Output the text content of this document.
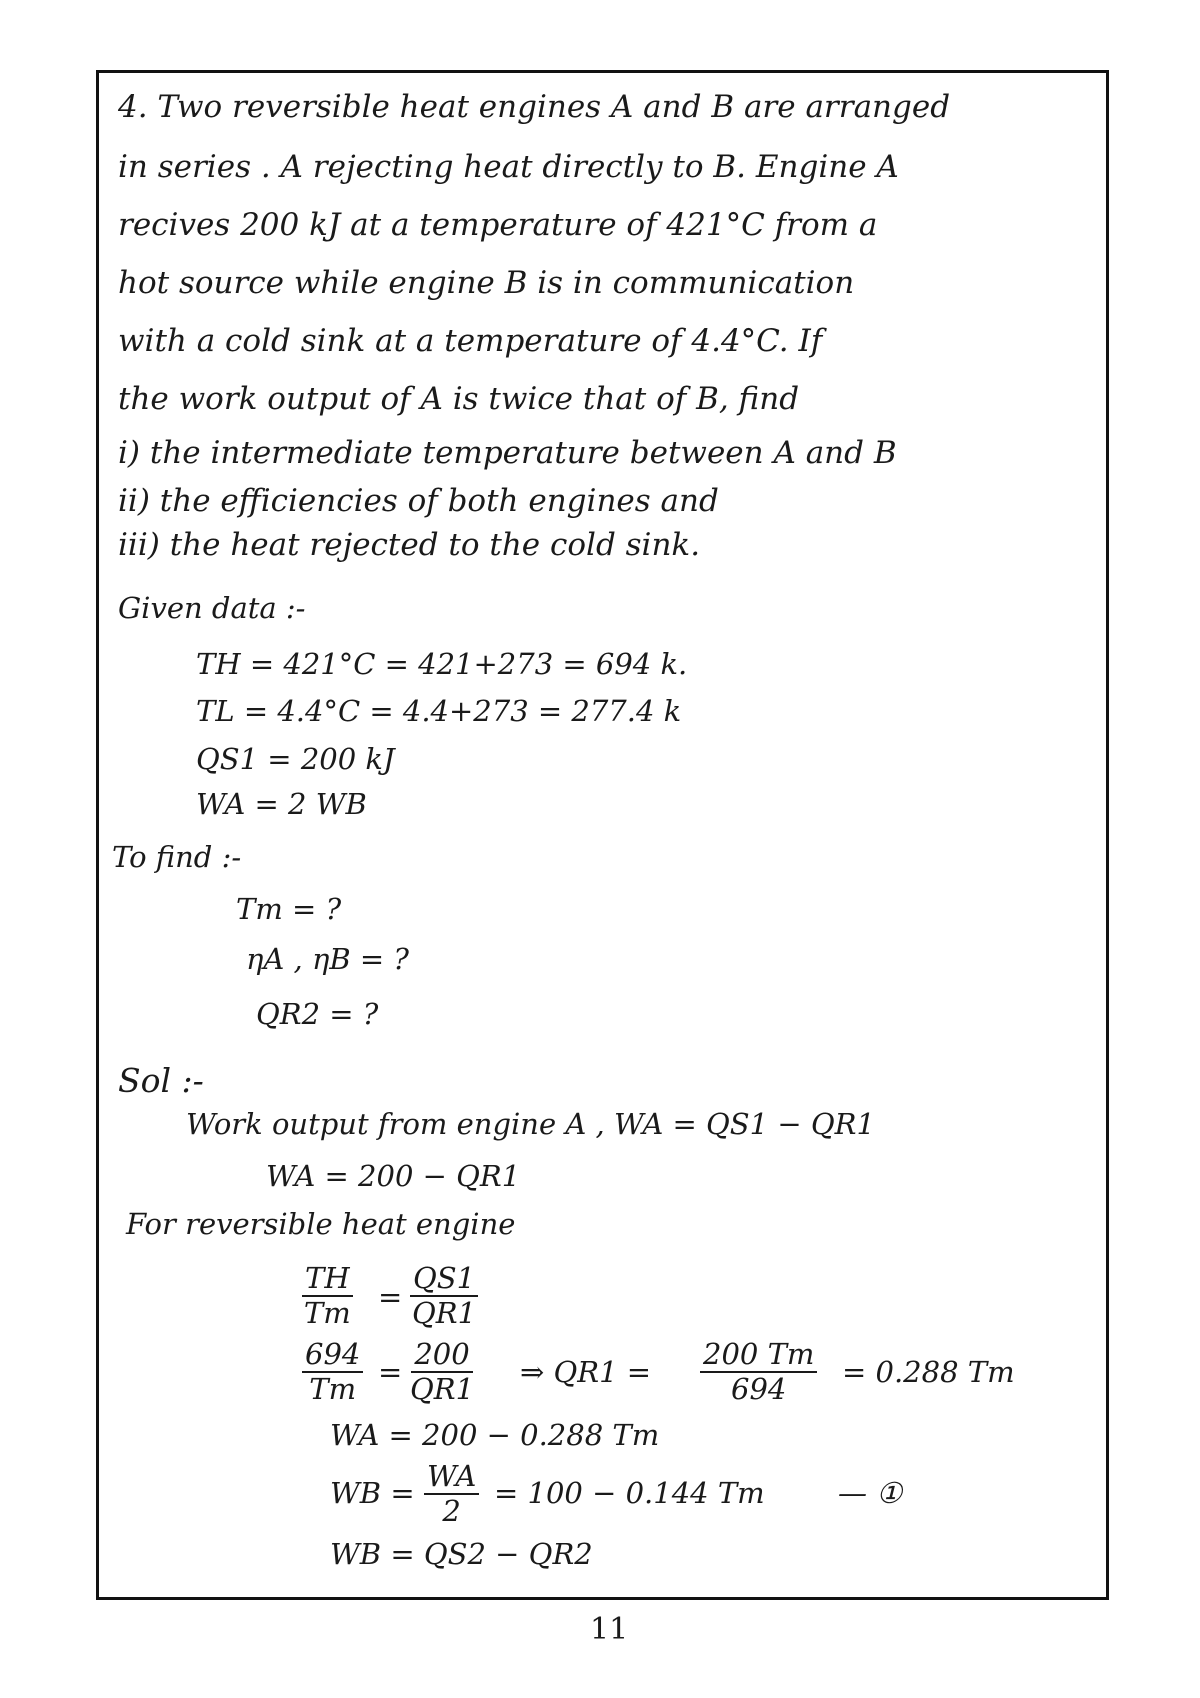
4. Two reversible heat engines A and B are arranged
in series . A rejecting heat directly to B. Engine A
recives 200 kJ at a temperature of 421°C from a
hot source while engine B is in communication
with a cold sink at a temperature of 4.4°C. If
the work output of A is twice that of B, find
i) the intermediate temperature between A and B
ii) the efficiencies of both engines and
iii) the heat rejected to the cold sink.
Given data :-
TH = 421°C = 421+273 = 694 k.
TL = 4.4°C = 4.4+273 = 277.4 k
QS1 = 200 kJ
WA = 2 WB
To find :-
Tm = ?
ηA , ηB = ?
QR2 = ?
Sol :-
Work output from engine A , WA = QS1 − QR1
WA = 200 − QR1
For reversible heat engine
$\frac{TH}{Tm} = \frac{QS1}{QR1}$
$\frac{694}{Tm} = \frac{200}{QR1}$ ⇒ $QR1 = \frac{200 Tm}{694} = 0.288$ Tm
WA = 200 − 0.288 Tm
WB = $\frac{WA}{2} = 100 - 0.144$ Tm	— ①
WB = QS2 − QR2
11
